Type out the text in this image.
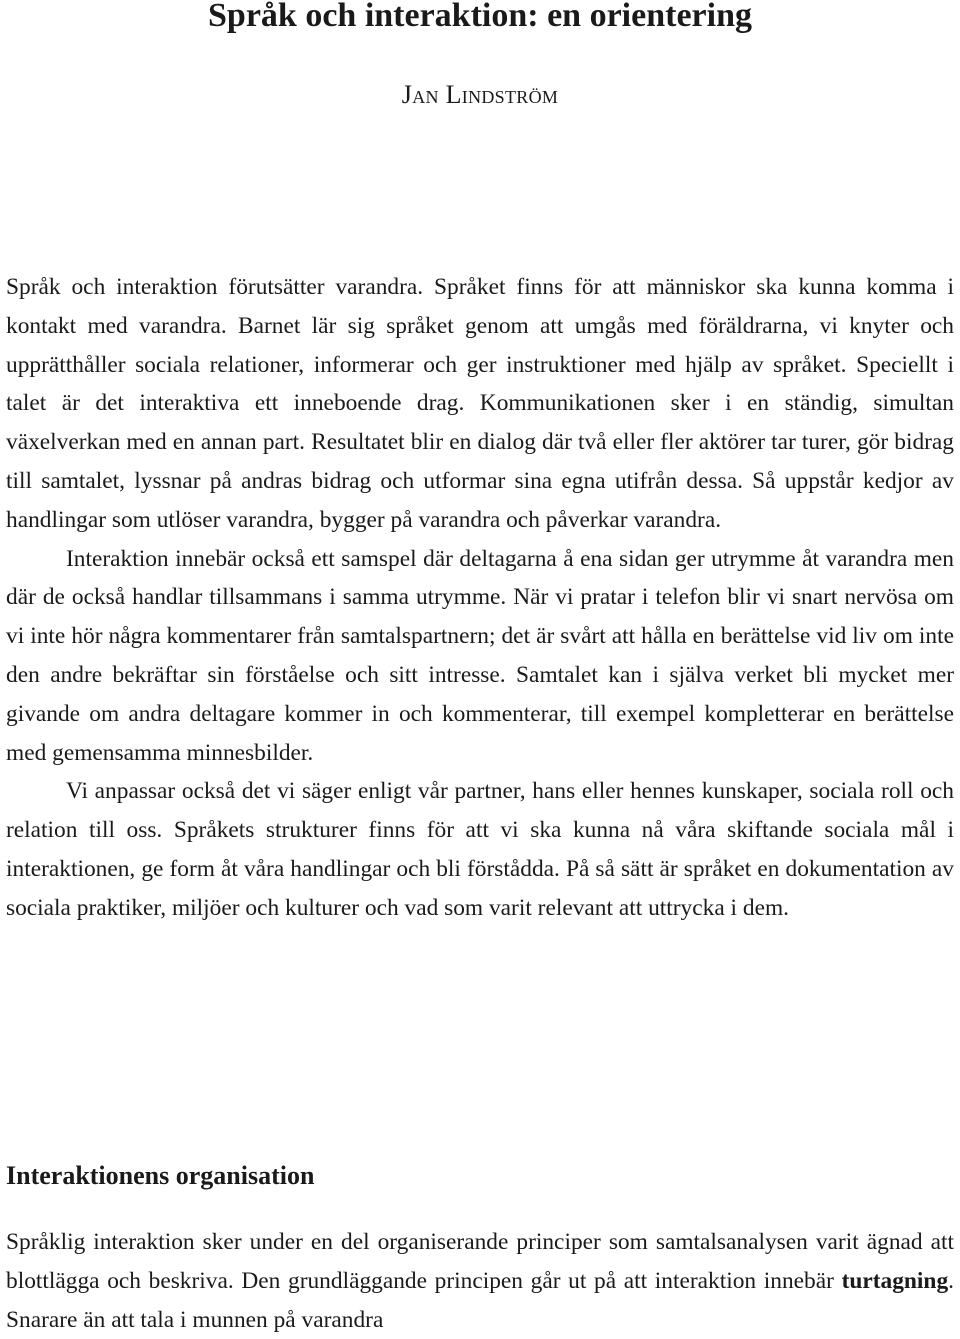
Språk och interaktion: en orientering
Jan Lindström

Språk och interaktion förutsätter varandra. Språket finns för att människor ska kunna komma i kontakt med varandra. Barnet lär sig språket genom att umgås med föräldrarna, vi knyter och upprätthåller sociala relationer, informerar och ger instruktioner med hjälp av språket. Speciellt i talet är det interaktiva ett inneboende drag. Kommunikationen sker i en ständig, simultan växelverkan med en annan part. Resultatet blir en dialog där två eller fler aktörer tar turer, gör bidrag till samtalet, lyssnar på andras bidrag och utformar sina egna utifrån dessa. Så uppstår kedjor av handlingar som utlöser varandra, bygger på varandra och påverkar varandra.

Interaktion innebär också ett samspel där deltagarna å ena sidan ger utrymme åt varandra men där de också handlar tillsammans i samma utrymme. När vi pratar i telefon blir vi snart nervösa om vi inte hör några kommentarer från samtalspartnern; det är svårt att hålla en berättelse vid liv om inte den andre bekräftar sin förståelse och sitt intresse. Samtalet kan i själva verket bli mycket mer givande om andra deltagare kommer in och kommenterar, till exempel kompletterar en berättelse med gemensamma minnesbilder.

Vi anpassar också det vi säger enligt vår partner, hans eller hennes kunskaper, sociala roll och relation till oss. Språkets strukturer finns för att vi ska kunna nå våra skiftande sociala mål i interaktionen, ge form åt våra handlingar och bli förstådda. På så sätt är språket en dokumentation av sociala praktiker, miljöer och kulturer och vad som varit relevant att uttrycka i dem.

Interaktionens organisation

Språklig interaktion sker under en del organiserande principer som samtalsanalysen varit ägnad att blottlägga och beskriva. Den grundläggande principen går ut på att interaktion innebär turtagning. Snarare än att tala i munnen på varandra
